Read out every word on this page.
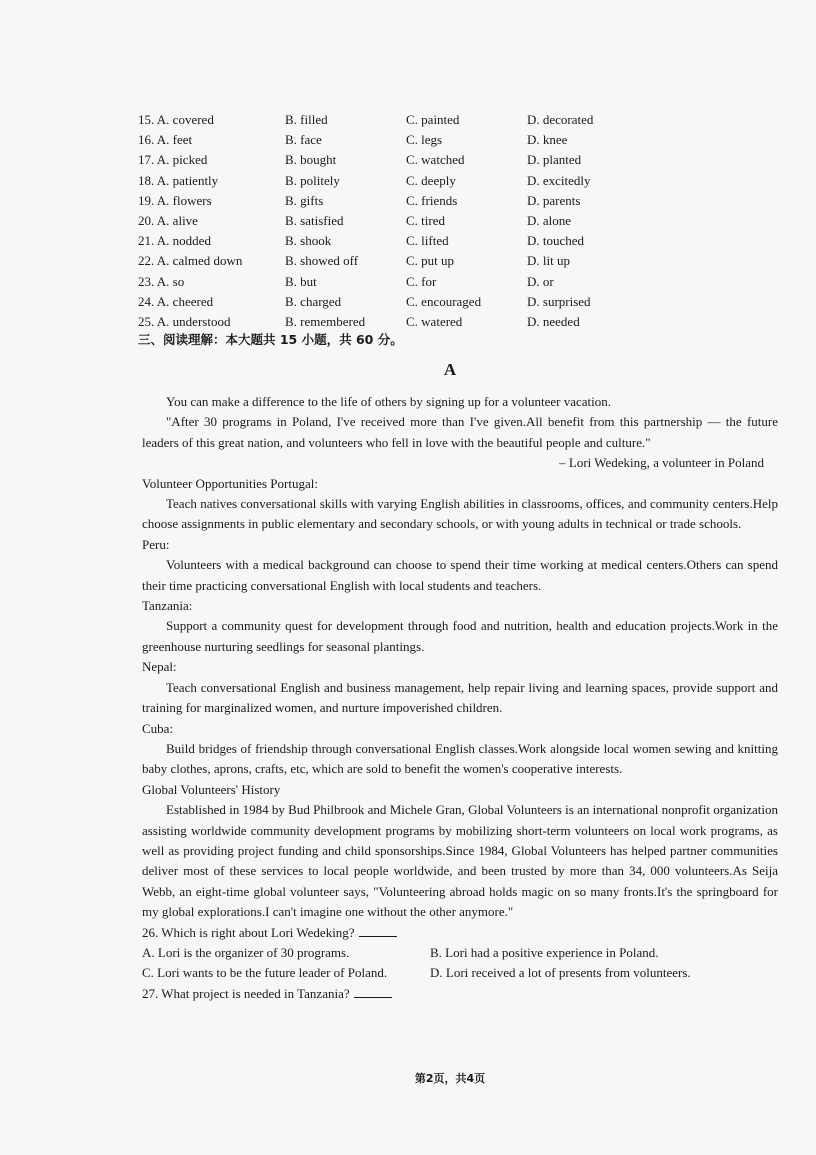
15. A. covered	B. filled	C. painted	D. decorated
16. A. feet	B. face	C. legs	D. knee
17. A. picked	B. bought	C. watched	D. planted
18. A. patiently	B. politely	C. deeply	D. excitedly
19. A. flowers	B. gifts	C. friends	D. parents
20. A. alive	B. satisfied	C. tired	D. alone
21. A. nodded	B. shook	C. lifted	D. touched
22. A. calmed down	B. showed off	C. put up	D. lit up
23. A. so	B. but	C. for	D. or
24. A. cheered	B. charged	C. encouraged	D. surprised
25. A. understood	B. remembered	C. watered	D. needed
三、阅读理解：本大题共 15 小题，共 60 分。
A

You can make a difference to the life of others by signing up for a volunteer vacation.

"After 30 programs in Poland, I've received more than I've given.All benefit from this partnership — the future leaders of this great nation, and volunteers who fell in love with the beautiful people and culture."

– Lori Wedeking, a volunteer in Poland

Volunteer Opportunities Portugal:

Teach natives conversational skills with varying English abilities in classrooms, offices, and community centers.Help choose assignments in public elementary and secondary schools, or with young adults in technical or trade schools.

Peru:

Volunteers with a medical background can choose to spend their time working at medical centers.Others can spend their time practicing conversational English with local students and teachers.

Tanzania:

Support a community quest for development through food and nutrition, health and education projects.Work in the greenhouse nurturing seedlings for seasonal plantings.

Nepal:

Teach conversational English and business management, help repair living and learning spaces, provide support and training for marginalized women, and nurture impoverished children.

Cuba:

Build bridges of friendship through conversational English classes.Work alongside local women sewing and knitting baby clothes, aprons, crafts, etc, which are sold to benefit the women's cooperative interests.

Global Volunteers' History

Established in 1984 by Bud Philbrook and Michele Gran, Global Volunteers is an international nonprofit organization assisting worldwide community development programs by mobilizing short-term volunteers on local work programs, as well as providing project funding and child sponsorships.Since 1984, Global Volunteers has helped partner communities deliver most of these services to local people worldwide, and been trusted by more than 34, 000 volunteers.As Seija Webb, an eight-time global volunteer says, "Volunteering abroad holds magic on so many fronts.It's the springboard for my global explorations.I can't imagine one without the other anymore."

26. Which is right about Lori Wedeking?

A. Lori is the organizer of 30 programs.	B. Lori had a positive experience in Poland.
C. Lori wants to be the future leader of Poland.	D. Lori received a lot of presents from volunteers.

27. What project is needed in Tanzania?

第2页，共4页
